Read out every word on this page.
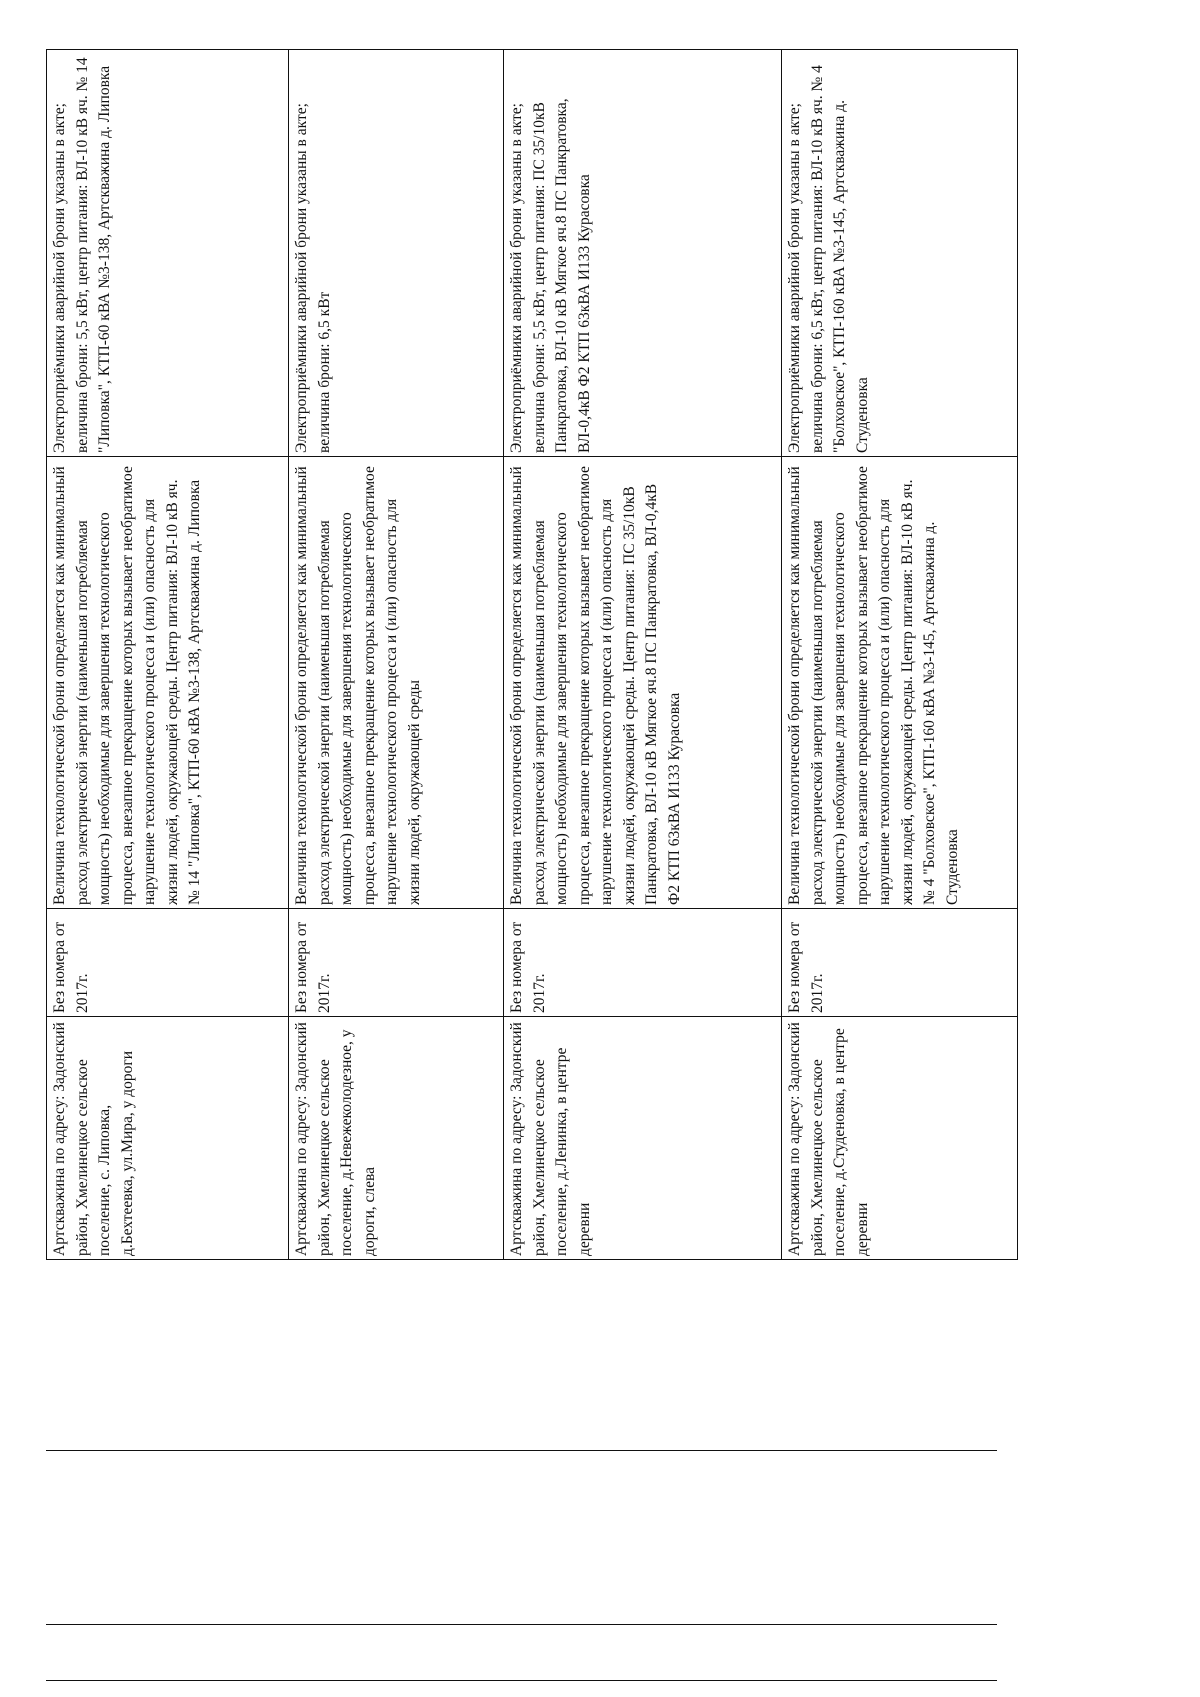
Артскважина по адресу: Задонский район, Хмелинецкое сельское поселение, с. Липовка, д.Бехтеевка, ул.Мира, у дороги	Без номера от 2017г.	Величина технологической брони определяется как минимальный расход электрической энергии (наименьшая потребляемая мощность) необходимые для завершения технологического процесса, внезапное прекращение которых вызывает необратимое нарушение технологического процесса и (или) опасность для жизни людей, окружающей среды. Центр питания: ВЛ-10 кВ яч. № 14 "Липовка", КТП-60 кВА №3-138, Артскважина д. Липовка	Электроприёмники аварийной брони указаны в акте; величина брони: 5,5 кВт, центр питания: ВЛ-10 кВ яч. № 14 "Липовка", КТП-60 кВА №3-138, Артскважина д. Липовка
Артскважина по адресу: Задонский район, Хмелинецкое сельское поселение, д.Невежеколодезное, у дороги, слева	Без номера от 2017г.	Величина технологической брони определяется как минимальный расход электрической энергии (наименьшая потребляемая мощность) необходимые для завершения технологического процесса, внезапное прекращение которых вызывает необратимое нарушение технологического процесса и (или) опасность для жизни людей, окружающей среды	Электроприёмники аварийной брони указаны в акте; величина брони: 6,5 кВт
Артскважина по адресу: Задонский район, Хмелинецкое сельское поселение, д.Ленинка, в центре деревни	Без номера от 2017г.	Величина технологической брони определяется как минимальный расход электрической энергии (наименьшая потребляемая мощность) необходимые для завершения технологического процесса, внезапное прекращение которых вызывает необратимое нарушение технологического процесса и (или) опасность для жизни людей, окружающей среды. Центр питания: ПС 35/10кВ Панкратовка, ВЛ-10 кВ Мягкое яч.8 ПС Панкратовка, ВЛ-0,4кВ Ф2 КТП 63кВА И133 Курасовка	Электроприёмники аварийной брони указаны в акте; величина брони: 5,5 кВт, центр питания: ПС 35/10кВ Панкратовка, ВЛ-10 кВ Мягкое яч.8 ПС Панкратовка, ВЛ-0,4кВ Ф2 КТП 63кВА И133 Курасовка
Артскважина по адресу: Задонский район, Хмелинецкое сельское поселение, д.Студеновка, в центре деревни	Без номера от 2017г.	Величина технологической брони определяется как минимальный расход электрической энергии (наименьшая потребляемая мощность) необходимые для завершения технологического процесса, внезапное прекращение которых вызывает необратимое нарушение технологического процесса и (или) опасность для жизни людей, окружающей среды. Центр питания: ВЛ-10 кВ яч. № 4 "Болховское", КТП-160 кВА №3-145, Артскважина д. Студеновка	Электроприёмники аварийной брони указаны в акте; величина брони: 6,5 кВт, центр питания: ВЛ-10 кВ яч. № 4 "Болховское", КТП-160 кВА №3-145, Артскважина д. Студеновка
